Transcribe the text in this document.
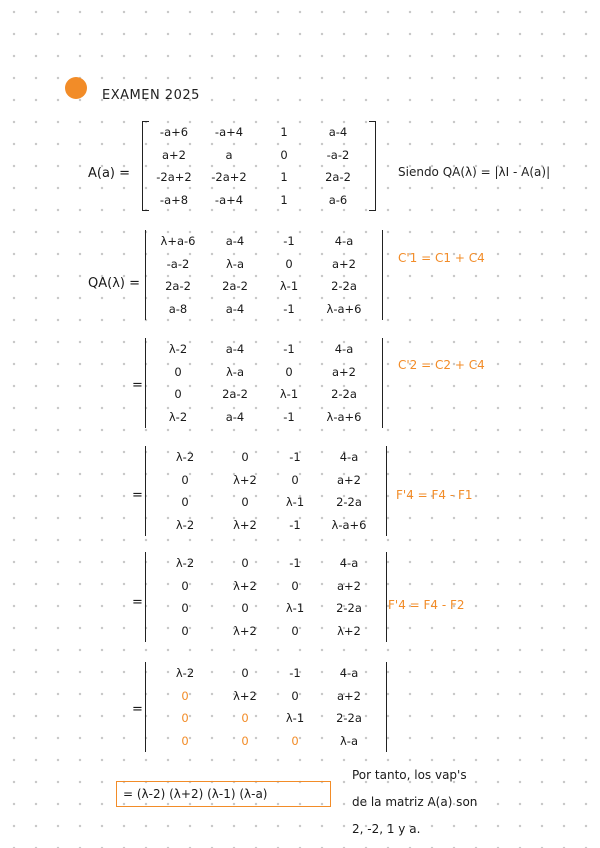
EXAMEN 2025
A(a) =
-a+6	-a+4	1	a-4
a+2	a	0	-a-2
-2a+2	-2a+2	1	2a-2
-a+8	-a+4	1	a-6
Siendo QA(λ) = |λI - A(a)|
QA(λ) =
λ+a-6	a-4	-1	4-a
-a-2	λ-a	0	a+2
2a-2	2a-2	λ-1	2-2a
a-8	a-4	-1	λ-a+6
C'1 = C1 + C4
=
λ-2	a-4	-1	4-a
0	λ-a	0	a+2
0	2a-2	λ-1	2-2a
λ-2	a-4	-1	λ-a+6
C'2 = C2 + C4
=
λ-2	0	-1	4-a
0	λ+2	0	a+2
0	0	λ-1	2-2a
λ-2	λ+2	-1	λ-a+6
F'4 = F4 - F1
=
λ-2	0	-1	4-a
0	λ+2	0	a+2
0	0	λ-1	2-2a
0	λ+2	0	λ+2
F'4 = F4 - F2
=
λ-2	0	-1	4-a
0	λ+2	0	a+2
0	0	λ-1	2-2a
0	0	0	λ-a
= (λ-2) (λ+2) (λ-1) (λ-a)
Por tanto, los vap's
de la matriz A(a) son
2, -2, 1 y a.
